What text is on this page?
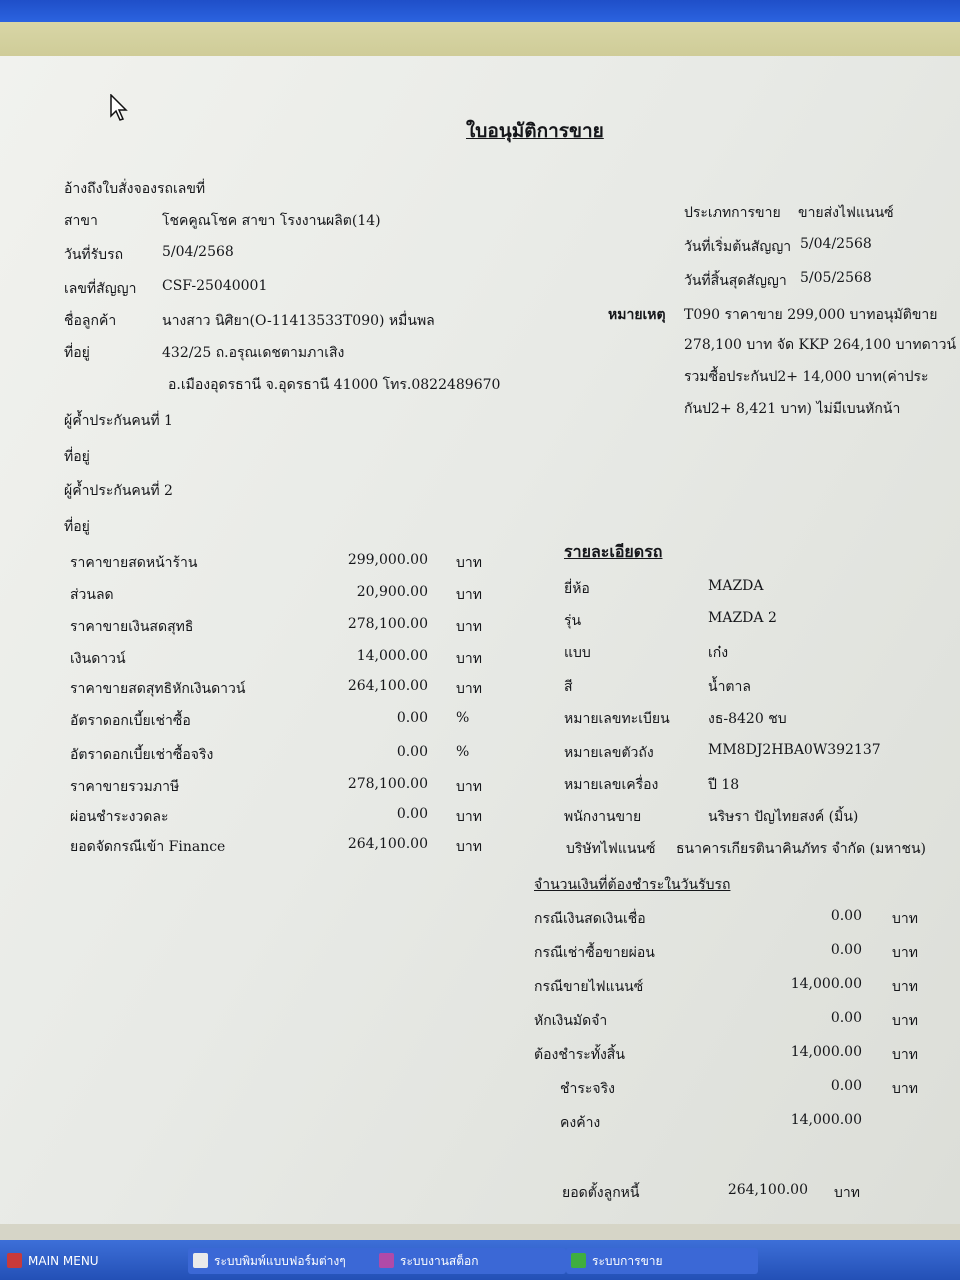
ใบอนุมัติการขาย
อ้างถึงใบสั่งจองรถเลขที่
สาขา	โชคคูณโชค สาขา โรงงานผลิต(14)
วันที่รับรถ	5/04/2568
เลขที่สัญญา CSF-25040001
ชื่อลูกค้า	นางสาว นิศิยา(O-11413533T090) หมื่นพล
ที่อยู่	432/25 ถ.อรุณเดชตามภาเสิง
อ.เมืองอุดรธานี จ.อุดรธานี 41000 โทร.0822489670
ผู้ค้ำประกันคนที่ 1
ที่อยู่
ผู้ค้ำประกันคนที่ 2
ที่อยู่
ประเภทการขาย ขายส่งไฟแนนซ์
วันที่เริ่มต้นสัญญา 5/04/2568
วันที่สิ้นสุดสัญญา 5/05/2568
หมายเหตุ T090 ราคาขาย 299,000 บาทอนุมัติขาย
278,100 บาท จัด KKP 264,100 บาทดาวน์
รวมซื้อประกันป2+ 14,000 บาท(ค่าประ
กันป2+ 8,421 บาท) ไม่มีเบนหักน้า
ราคาขายสดหน้าร้าน	299,000.00 บาท
ส่วนลด	20,900.00 บาท
ราคาขายเงินสดสุทธิ	278,100.00 บาท
เงินดาวน์	14,000.00 บาท
ราคาขายสดสุทธิหักเงินดาวน์	264,100.00 บาท
อัตราดอกเบี้ยเช่าซื้อ	0.00 %
อัตราดอกเบี้ยเช่าซื้อจริง	0.00 %
ราคาขายรวมภาษี	278,100.00 บาท
ผ่อนชำระงวดละ	0.00 บาท
ยอดจัดกรณีเข้า Finance	264,100.00 บาท
รายละเอียดรถ
ยี่ห้อ	MAZDA
รุ่น	MAZDA 2
แบบ	เก๋ง
สี	น้ำตาล
หมายเลขทะเบียน	งธ-8420 ชบ
หมายเลขตัวถัง	MM8DJ2HBA0W392137
หมายเลขเครื่อง	ปี 18
พนักงานขาย	นริษรา ปัญไทยสงค์ (มิ้น)
บริษัทไฟแนนซ์ ธนาคารเกียรตินาคินภัทร จำกัด (มหาชน)
จำนวนเงินที่ต้องชำระในวันรับรถ
กรณีเงินสดเงินเชื่อ	0.00 บาท
กรณีเช่าซื้อขายผ่อน	0.00 บาท
กรณีขายไฟแนนซ์	14,000.00 บาท
หักเงินมัดจำ	0.00 บาท
ต้องชำระทั้งสิ้น	14,000.00 บาท
ชำระจริง	0.00 บาท
คงค้าง	14,000.00
ยอดตั้งลูกหนี้	264,100.00 บาท
MAIN MENU	ระบบพิมพ์แบบฟอร์มต่างๆ	ระบบงานสต็อก	ระบบการขาย
